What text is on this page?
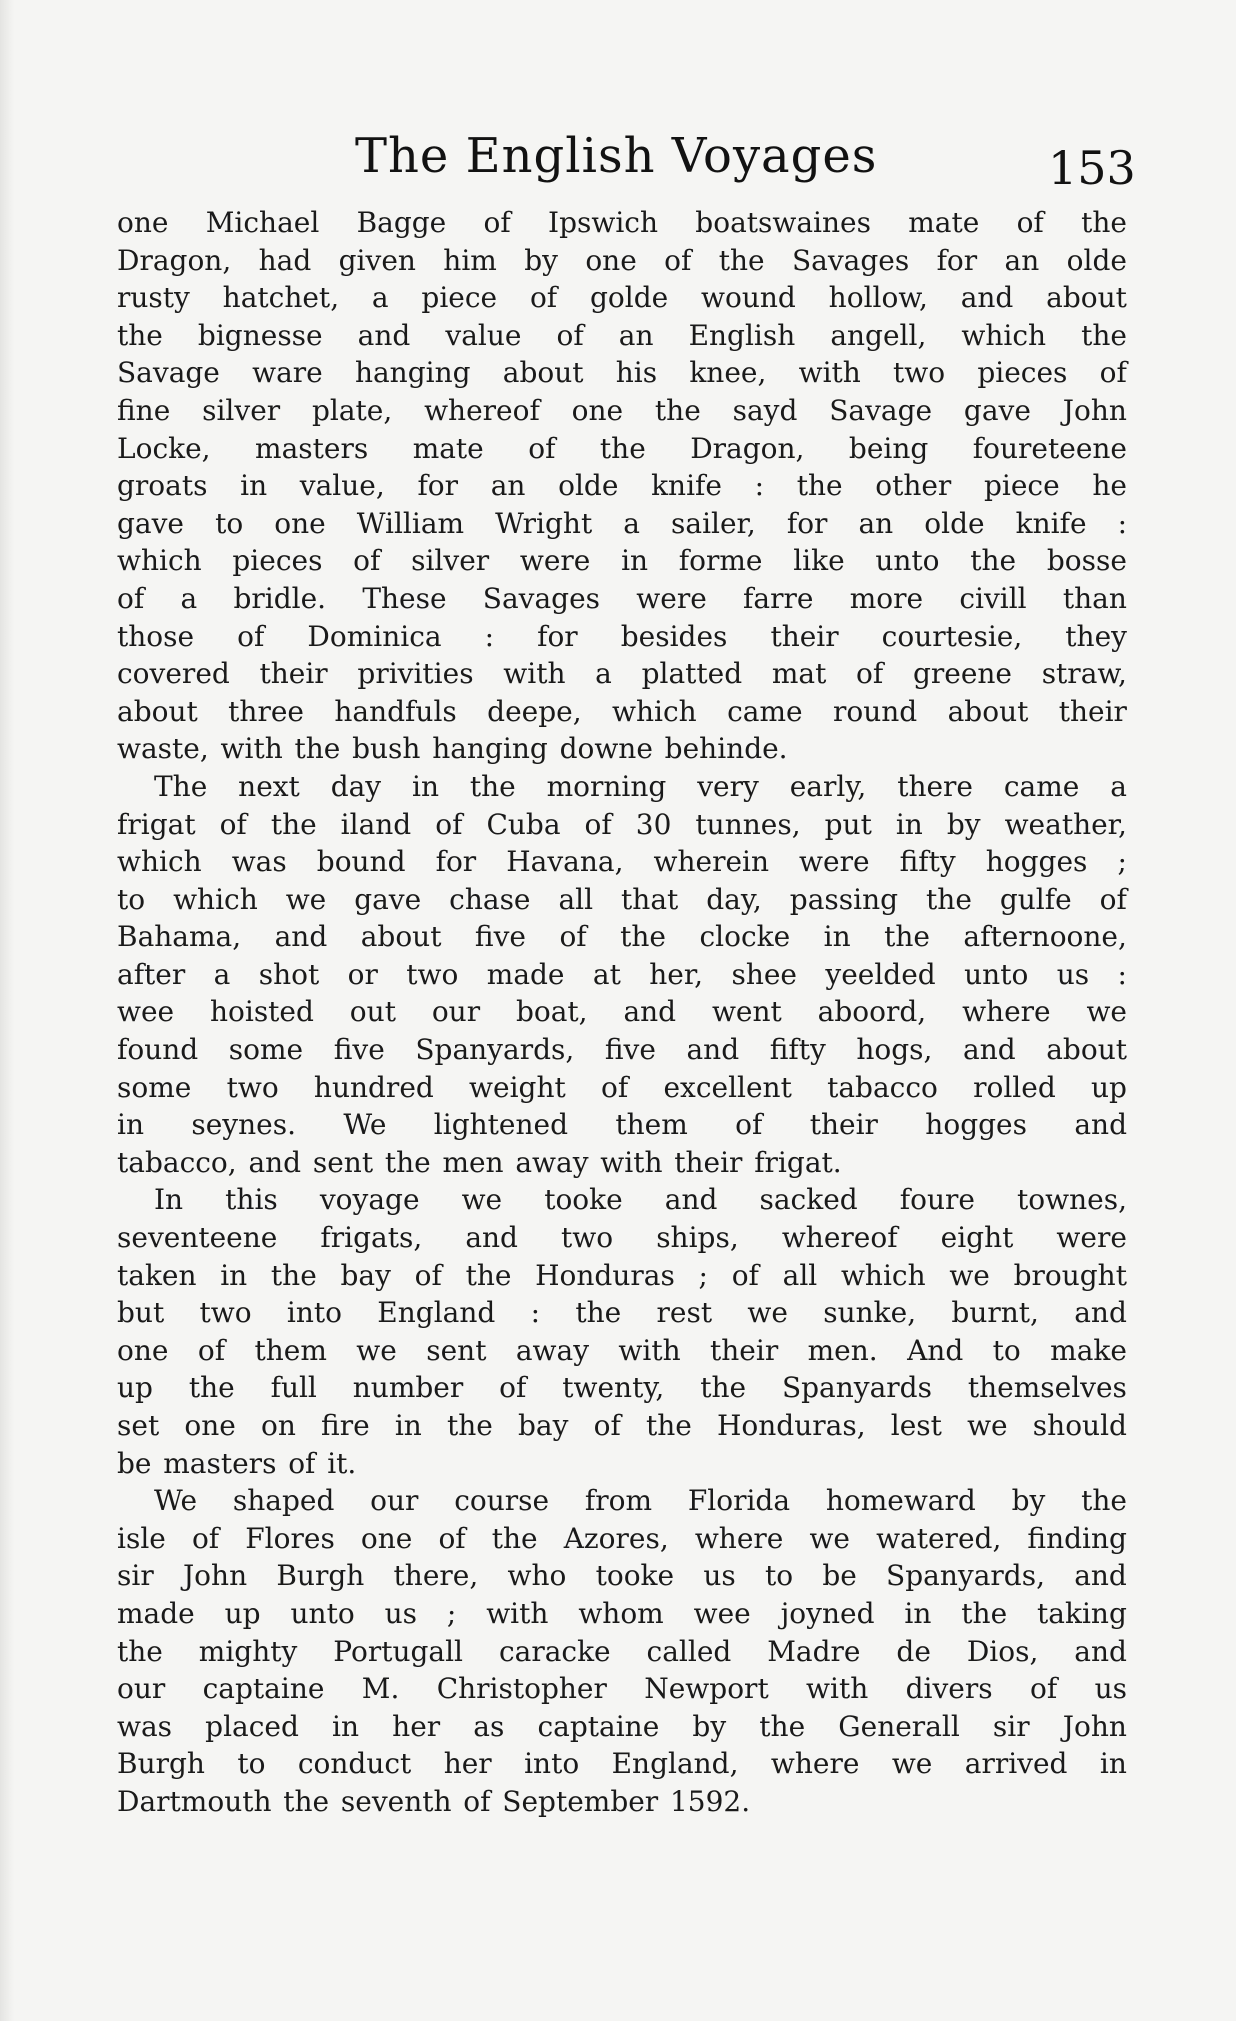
The English Voyages	153
one Michael Bagge of Ipswich boatswaines mate of the
Dragon, had given him by one of the Savages for an olde
rusty hatchet, a piece of golde wound hollow, and about
the bignesse and value of an English angell, which the
Savage ware hanging about his knee, with two pieces of
fine silver plate, whereof one the sayd Savage gave John
Locke, masters mate of the Dragon, being foureteene
groats in value, for an olde knife : the other piece he
gave to one William Wright a sailer, for an olde knife :
which pieces of silver were in forme like unto the bosse
of a bridle. These Savages were farre more civill than
those of Dominica : for besides their courtesie, they
covered their privities with a platted mat of greene straw,
about three handfuls deepe, which came round about their
waste, with the bush hanging downe behinde.
The next day in the morning very early, there came a
frigat of the iland of Cuba of 30 tunnes, put in by weather,
which was bound for Havana, wherein were fifty hogges ;
to which we gave chase all that day, passing the gulfe of
Bahama, and about five of the clocke in the afternoone,
after a shot or two made at her, shee yeelded unto us :
wee hoisted out our boat, and went aboord, where we
found some five Spanyards, five and fifty hogs, and about
some two hundred weight of excellent tabacco rolled up
in seynes. We lightened them of their hogges and
tabacco, and sent the men away with their frigat.
In this voyage we tooke and sacked foure townes,
seventeene frigats, and two ships, whereof eight were
taken in the bay of the Honduras ; of all which we brought
but two into England : the rest we sunke, burnt, and
one of them we sent away with their men. And to make
up the full number of twenty, the Spanyards themselves
set one on fire in the bay of the Honduras, lest we should
be masters of it.
We shaped our course from Florida homeward by the
isle of Flores one of the Azores, where we watered, finding
sir John Burgh there, who tooke us to be Spanyards, and
made up unto us ; with whom wee joyned in the taking
the mighty Portugall caracke called Madre de Dios, and
our captaine M. Christopher Newport with divers of us
was placed in her as captaine by the Generall sir John
Burgh to conduct her into England, where we arrived in
Dartmouth the seventh of September 1592.
